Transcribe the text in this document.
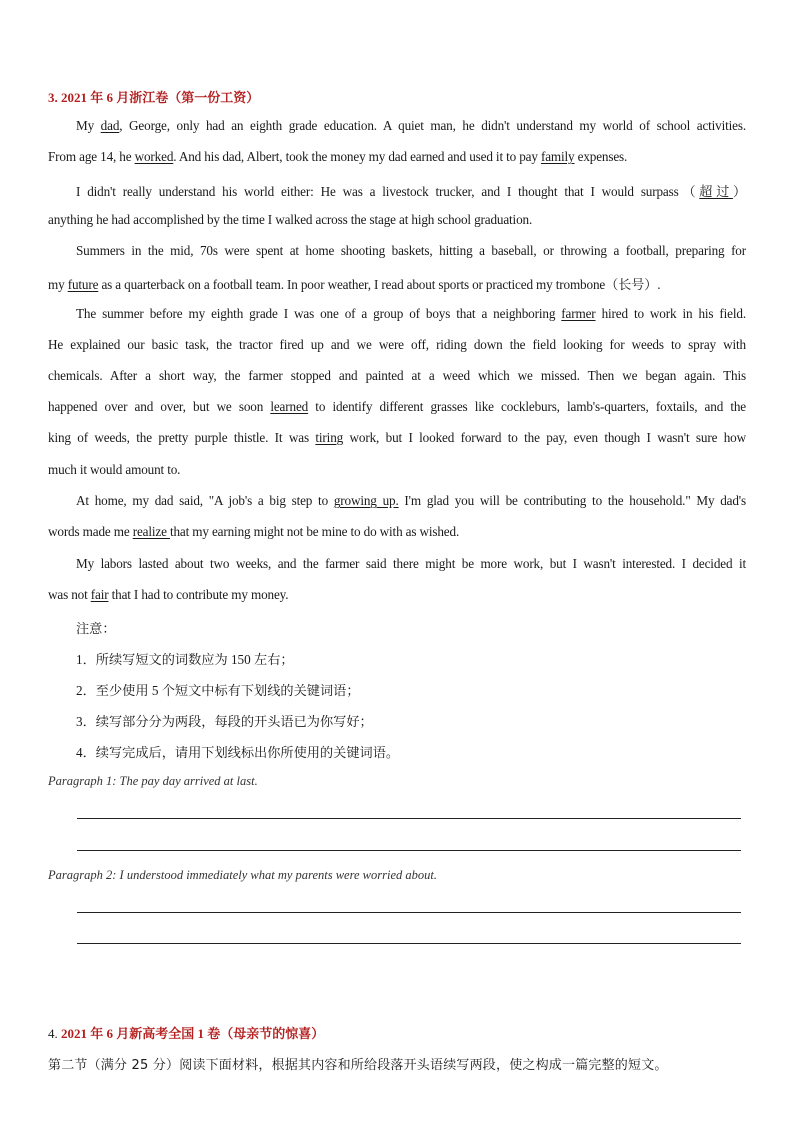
3. 2021 年 6 月浙江卷（第一份工资）
My dad, George, only had an eighth grade education. A quiet man, he didn't understand my world of school activities.
From age 14, he worked. And his dad, Albert, took the money my dad earned and used it to pay family expenses.
I didn't really understand his world either: He was a livestock trucker, and I thought that I would surpass（超过）
anything he had accomplished by the time I walked across the stage at high school graduation.
Summers in the mid, 70s were spent at home shooting baskets, hitting a baseball, or throwing a football, preparing for
my future as a quarterback on a football team. In poor weather, I read about sports or practiced my trombone（长号）.
The summer before my eighth grade I was one of a group of boys that a neighboring farmer hired to work in his field.
He explained our basic task, the tractor fired up and we were off, riding down the field looking for weeds to spray with
chemicals. After a short way, the farmer stopped and painted at a weed which we missed. Then we began again. This
happened over and over, but we soon learned to identify different grasses like cockleburs, lamb's-quarters, foxtails, and the
king of weeds, the pretty purple thistle. It was tiring work, but I looked forward to the pay, even though I wasn't sure how
much it would amount to.
At home, my dad said, "A job's a big step to growing up. I'm glad you will be contributing to the household." My dad's
words made me realize that my earning might not be mine to do with as wished.
My labors lasted about two weeks, and the farmer said there might be more work, but I wasn't interested. I decided it
was not fair that I had to contribute my money.
注意：
1．所续写短文的词数应为 150 左右；
2．至少使用 5 个短文中标有下划线的关键词语；
3．续写部分分为两段，每段的开头语已为你写好；
4．续写完成后，请用下划线标出你所使用的关键词语。
Paragraph 1: The pay day arrived at last.
Paragraph 2: I understood immediately what my parents were worried about.
4. 2021 年 6 月新高考全国 1 卷（母亲节的惊喜）
第二节（满分 25 分）阅读下面材料，根据其内容和所给段落开头语续写两段，使之构成一篇完整的短文。
